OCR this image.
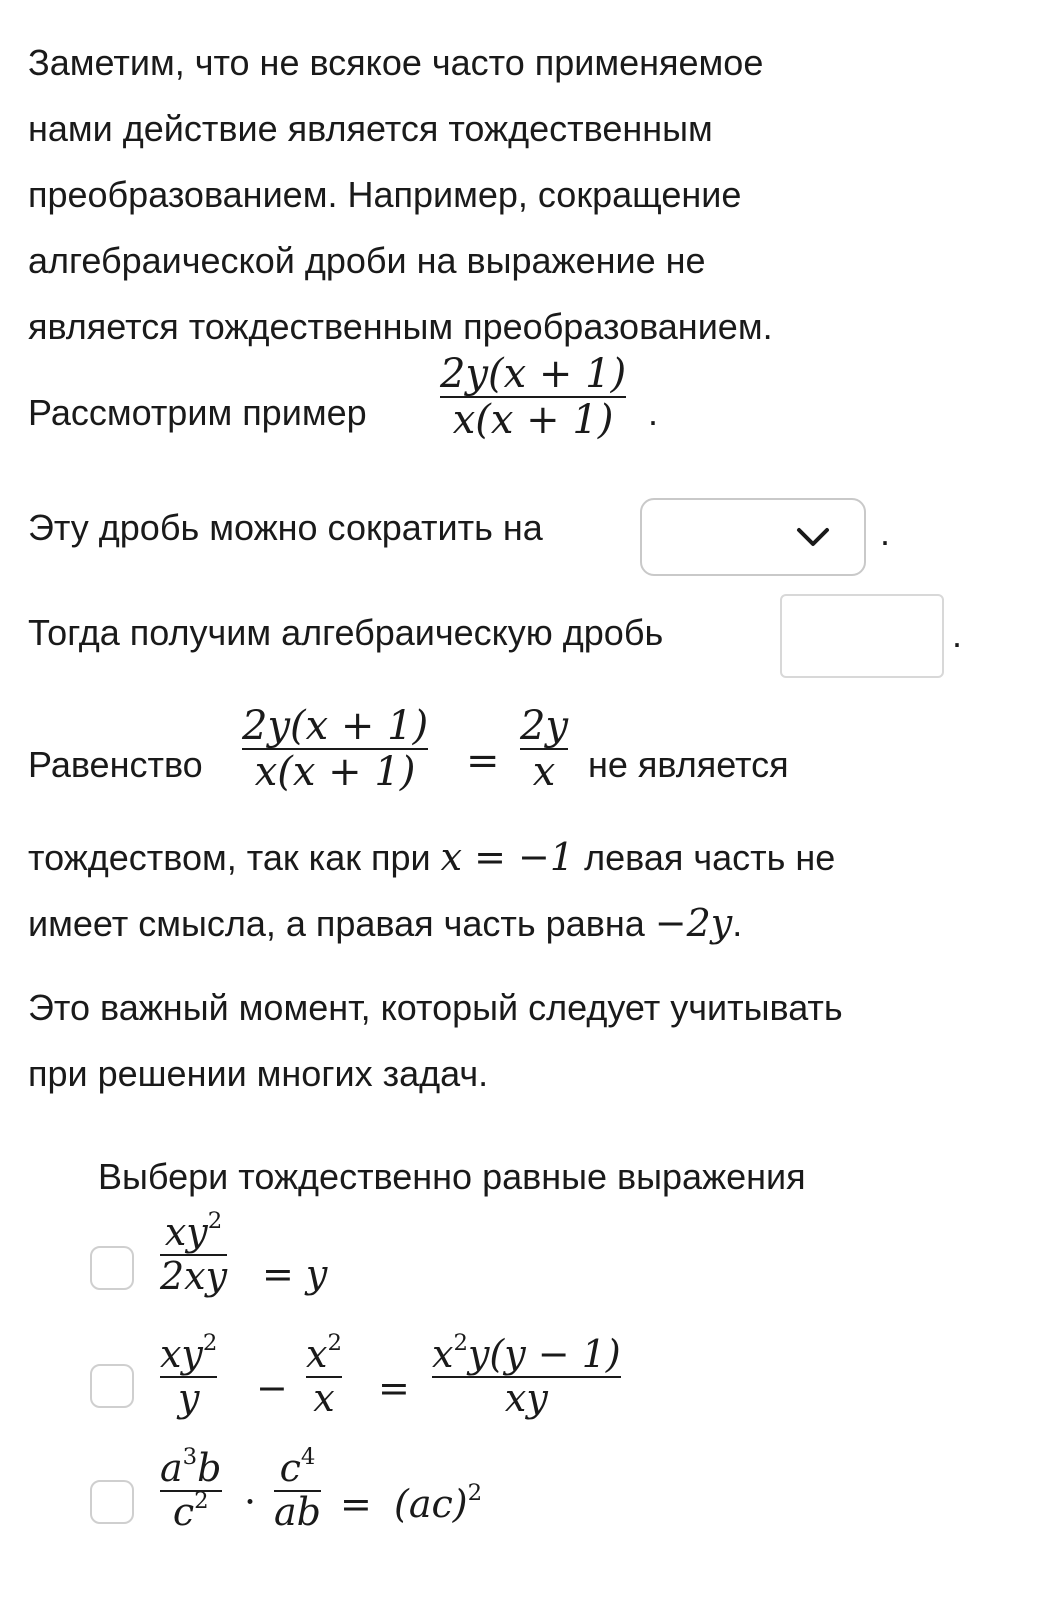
Заметим, что не всякое часто применяемое
нами действие является тождественным
преобразованием. Например, сокращение
алгебраической дроби на выражение не
является тождественным преобразованием.
Рассмотрим пример
2y(x + 1)
x(x + 1) .
Эту дробь можно сократить на	.
Тогда получим алгебраическую дробь	.
Равенство
2y(x + 1)
x(x + 1)	=
2y
x не является
тождеством, так как при x = −1 левая часть не
имеет смысла, а правая часть равна −2y.
Это важный момент, который следует учитывать
при решении многих задач.
Выбери тождественно равные выражения
$xy^2$
2xy = y
$xy^2$
y	−
$x^2$
x =
$x^2y(y - 1)$
xy
$a^3b$
$c^2$ ·
$c^4$
ab = (ac)$^2$
